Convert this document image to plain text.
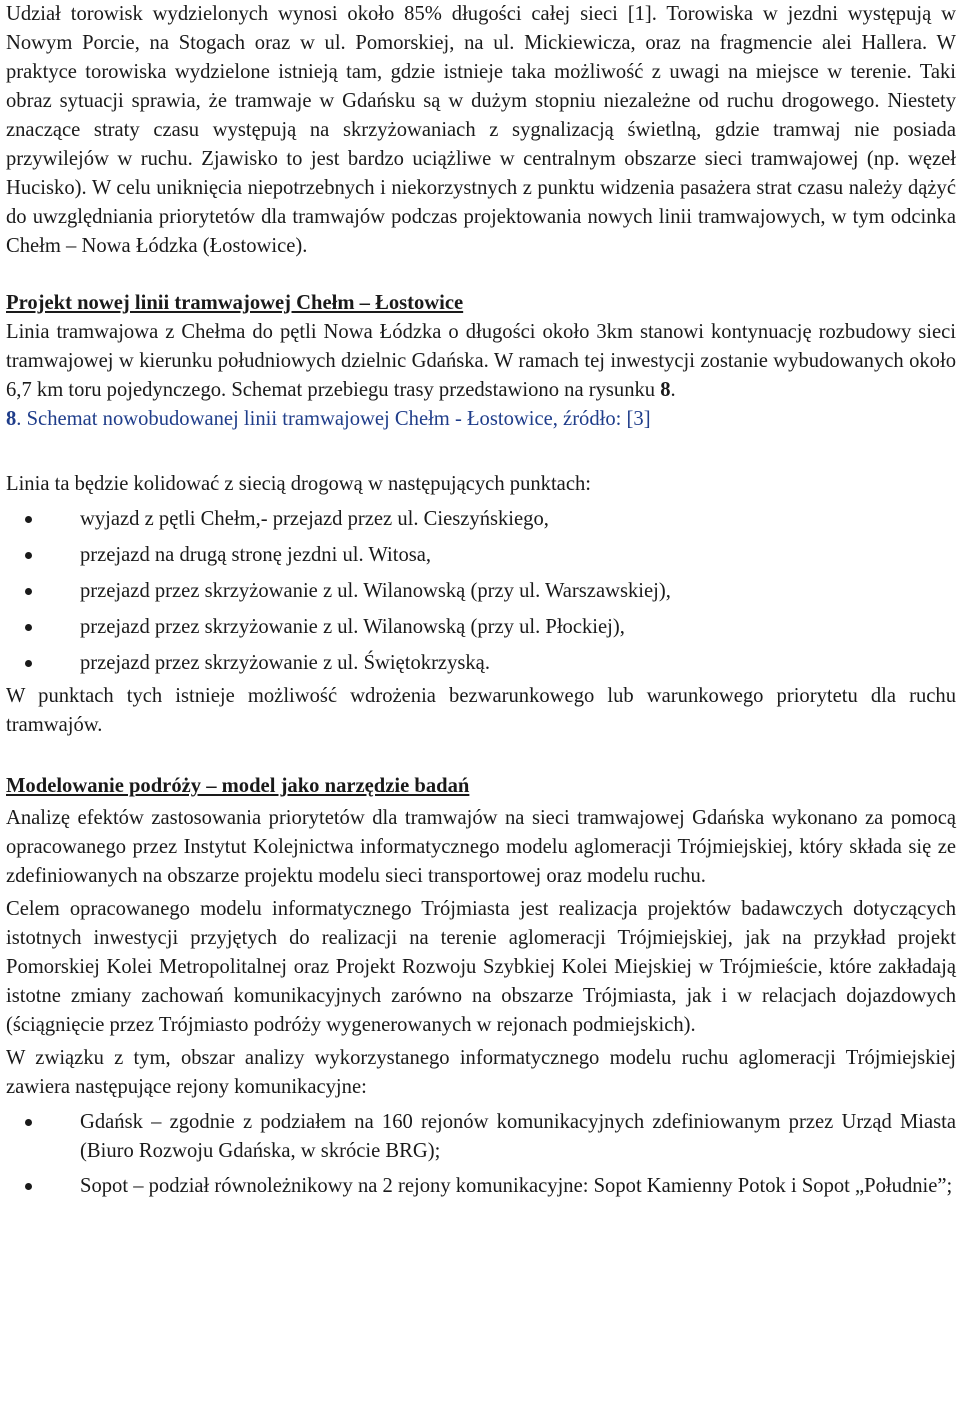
Udział torowisk wydzielonych wynosi około 85% długości całej sieci [1]. Torowiska w jezdni występują w Nowym Porcie, na Stogach oraz w ul. Pomorskiej, na ul. Mickiewicza, oraz na fragmencie alei Hallera. W praktyce torowiska wydzielone istnieją tam, gdzie istnieje taka możliwość z uwagi na miejsce w terenie. Taki obraz sytuacji sprawia, że tramwaje w Gdańsku są w dużym stopniu niezależne od ruchu drogowego. Niestety znaczące straty czasu występują na skrzyżowaniach z sygnalizacją świetlną, gdzie tramwaj nie posiada przywilejów w ruchu. Zjawisko to jest bardzo uciążliwe w centralnym obszarze sieci tramwajowej (np. węzeł Hucisko). W celu uniknięcia niepotrzebnych i niekorzystnych z punktu widzenia pasażera strat czasu należy dążyć do uwzględniania priorytetów dla tramwajów podczas projektowania nowych linii tramwajowych, w tym odcinka Chełm – Nowa Łódzka (Łostowice).

Projekt nowej linii tramwajowej Chełm – Łostowice

Linia tramwajowa z Chełma do pętli Nowa Łódzka o długości około 3km stanowi kontynuację rozbudowy sieci tramwajowej w kierunku południowych dzielnic Gdańska. W ramach tej inwestycji zostanie wybudowanych około 6,7 km toru pojedynczego. Schemat przebiegu trasy przedstawiono na rysunku 8.

8. Schemat nowobudowanej linii tramwajowej Chełm - Łostowice, źródło: [3]

Linia ta będzie kolidować z siecią drogową w następujących punktach:

wyjazd z pętli Chełm,- przejazd przez ul. Cieszyńskiego,
przejazd na drugą stronę jezdni ul. Witosa,
przejazd przez skrzyżowanie z ul. Wilanowską (przy ul. Warszawskiej),
przejazd przez skrzyżowanie z ul. Wilanowską (przy ul. Płockiej),
przejazd przez skrzyżowanie z ul. Świętokrzyską.

W punktach tych istnieje możliwość wdrożenia bezwarunkowego lub warunkowego priorytetu dla ruchu tramwajów.

Modelowanie podróży – model jako narzędzie badań

Analizę efektów zastosowania priorytetów dla tramwajów na sieci tramwajowej Gdańska wykonano za pomocą opracowanego przez Instytut Kolejnictwa informatycznego modelu aglomeracji Trójmiejskiej, który składa się ze zdefiniowanych na obszarze projektu modelu sieci transportowej oraz modelu ruchu.

Celem opracowanego modelu informatycznego Trójmiasta jest realizacja projektów badawczych dotyczących istotnych inwestycji przyjętych do realizacji na terenie aglomeracji Trójmiejskiej, jak na przykład projekt Pomorskiej Kolei Metropolitalnej oraz Projekt Rozwoju Szybkiej Kolei Miejskiej w Trójmieście, które zakładają istotne zmiany zachowań komunikacyjnych zarówno na obszarze Trójmiasta, jak i w relacjach dojazdowych (ściągnięcie przez Trójmiasto podróży wygenerowanych w rejonach podmiejskich).

W związku z tym, obszar analizy wykorzystanego informatycznego modelu ruchu aglomeracji Trójmiejskiej zawiera następujące rejony komunikacyjne:

Gdańsk – zgodnie z podziałem na 160 rejonów komunikacyjnych zdefiniowanym przez Urząd Miasta (Biuro Rozwoju Gdańska, w skrócie BRG);
Sopot – podział równoleżnikowy na 2 rejony komunikacyjne: Sopot Kamienny Potok i Sopot „Południe”;
